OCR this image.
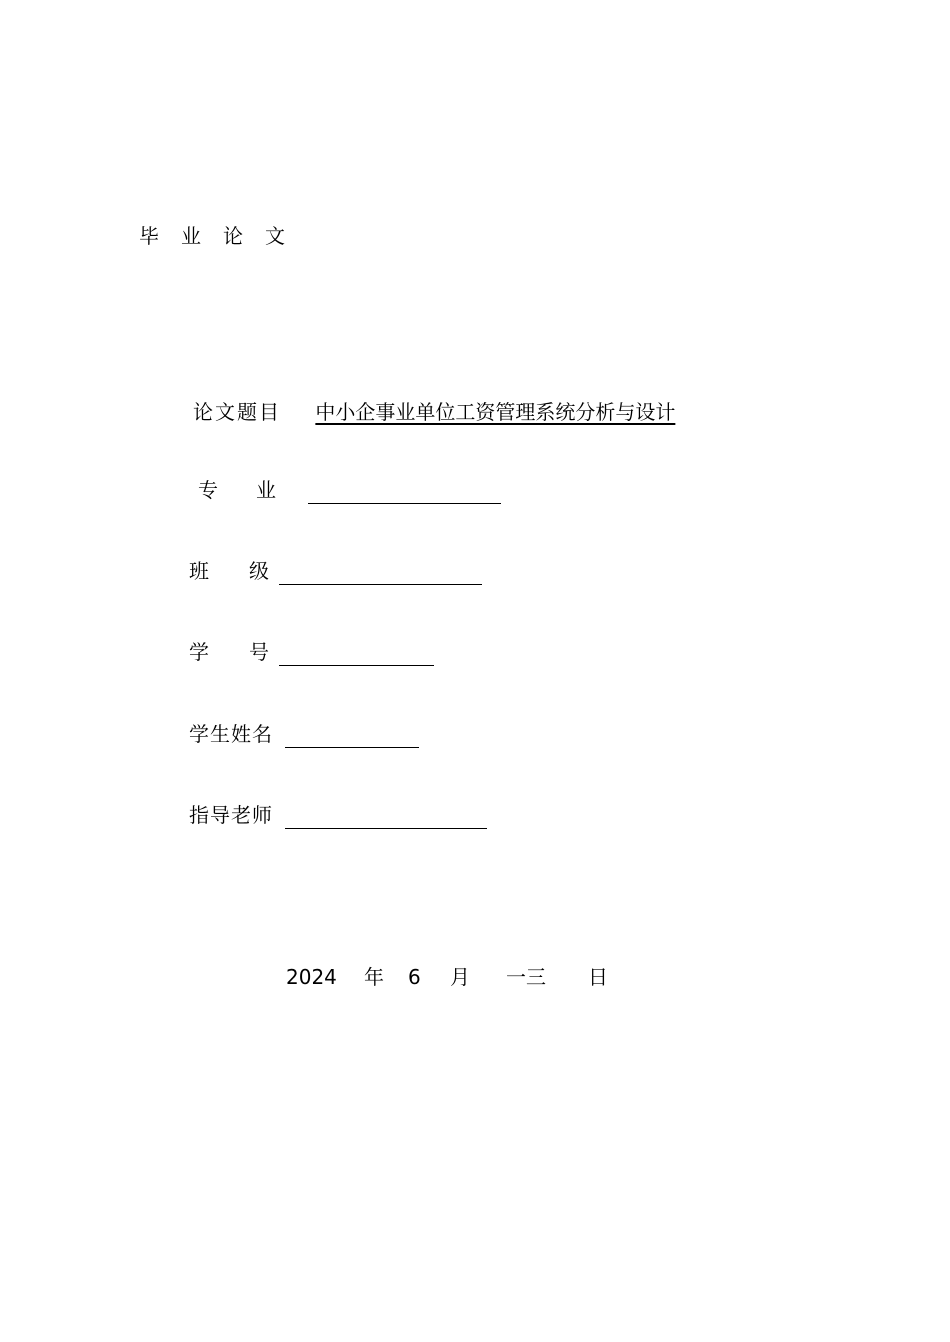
毕业论文
论文题目 中小企事业单位工资管理系统分析与设计
专业
班级
学号
学生姓名
指导老师
2024 年 6 月 一三 日
